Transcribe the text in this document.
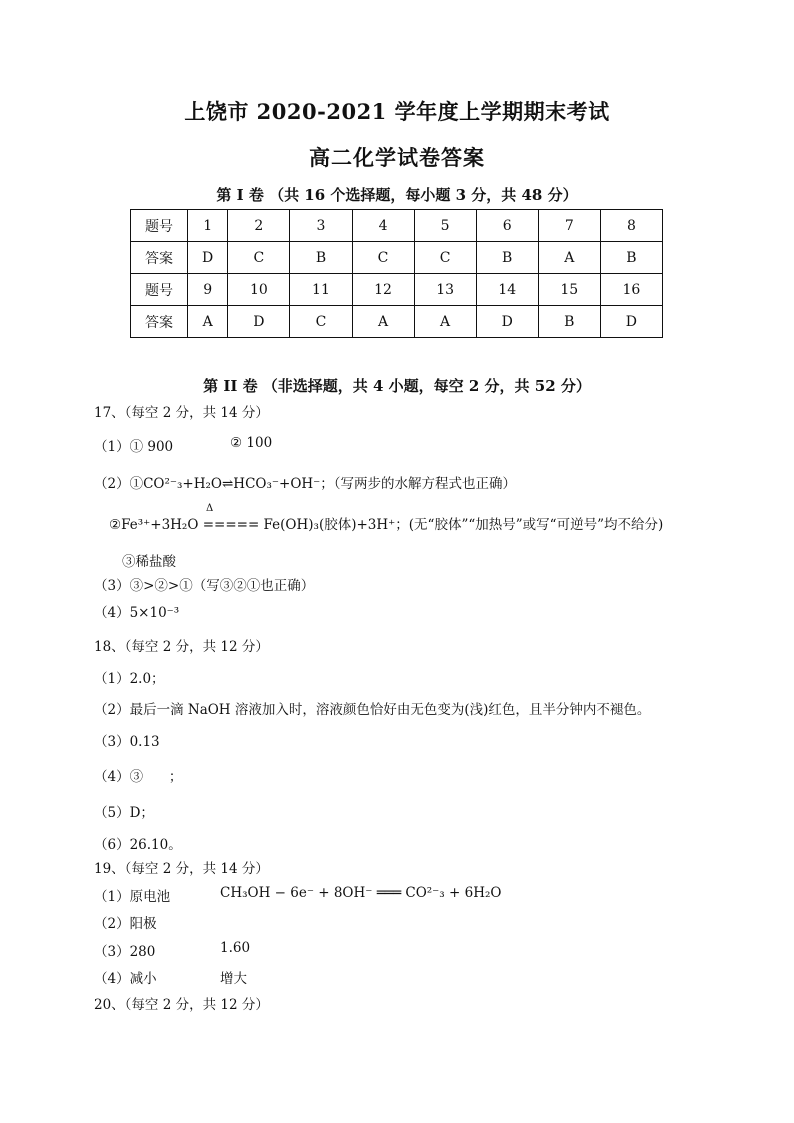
上饶市 2020-2021 学年度上学期期末考试
高二化学试卷答案
第 I 卷 （共 16 个选择题，每小题 3 分，共 48 分）
题号	1	2	3	4	5	6	7	8
答案	D	C	B	C	C	B	A	B
题号	9	10	11	12	13	14	15	16
答案	A	D	C	A	A	D	B	D
第 II 卷 （非选择题，共 4 小题，每空 2 分，共 52 分）
17、（每空 2 分，共 14 分）
（1）① 900	② 100
（2）①CO²⁻₃+H₂O⇌HCO₃⁻+OH⁻；（写两步的水解方程式也正确）
Δ
②Fe³⁺+3H₂O ===== Fe(OH)₃(胶体)+3H⁺；(无“胶体”“加热号”或写“可逆号”均不给分)
③稀盐酸
（3）③>②>①（写③②①也正确）
（4）5×10⁻³
18、（每空 2 分，共 12 分）
（1）2.0；
（2）最后一滴 NaOH 溶液加入时，溶液颜色恰好由无色变为(浅)红色，且半分钟内不褪色。
（3）0.13
（4）③      ；
（5）D；
（6）26.10。
19、（每空 2 分，共 14 分）
（1）原电池	CH₃OH − 6e⁻ + 8OH⁻ ═══ CO²⁻₃ + 6H₂O
（2）阳极
（3）280	1.60
（4）减小	增大
20、（每空 2 分，共 12 分）
